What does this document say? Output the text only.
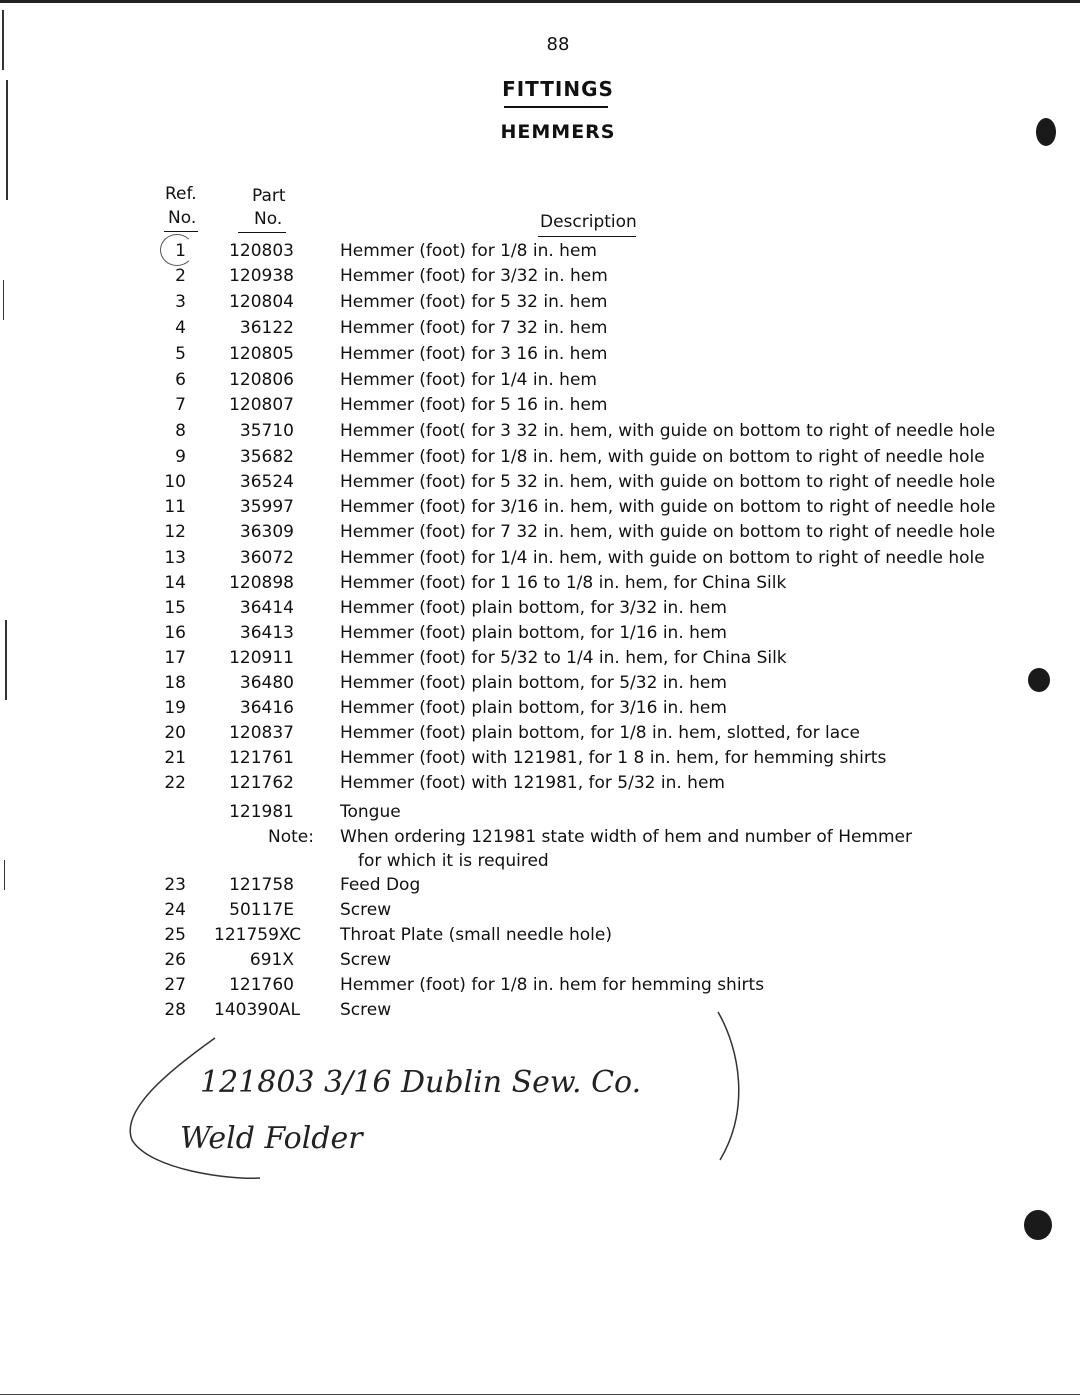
88
FITTINGS
HEMMERS
Ref.
No.
Part
No.	Description
1	120803	Hemmer (foot) for 1/8 in. hem
2	120938	Hemmer (foot) for 3/32 in. hem
3	120804	Hemmer (foot) for 5 32 in. hem
4	36122	Hemmer (foot) for 7 32 in. hem
5	120805	Hemmer (foot) for 3 16 in. hem
6	120806	Hemmer (foot) for 1/4 in. hem
7	120807	Hemmer (foot) for 5 16 in. hem
8	35710	Hemmer (foot( for 3 32 in. hem, with guide on bottom to right of needle hole
9	35682	Hemmer (foot) for 1/8 in. hem, with guide on bottom to right of needle hole
10	36524	Hemmer (foot) for 5 32 in. hem, with guide on bottom to right of needle hole
11	35997	Hemmer (foot) for 3/16 in. hem, with guide on bottom to right of needle hole
12	36309	Hemmer (foot) for 7 32 in. hem, with guide on bottom to right of needle hole
13	36072	Hemmer (foot) for 1/4 in. hem, with guide on bottom to right of needle hole
14	120898	Hemmer (foot) for 1 16 to 1/8 in. hem, for China Silk
15	36414	Hemmer (foot) plain bottom, for 3/32 in. hem
16	36413	Hemmer (foot) plain bottom, for 1/16 in. hem
17	120911	Hemmer (foot) for 5/32 to 1/4 in. hem, for China Silk
18	36480	Hemmer (foot) plain bottom, for 5/32 in. hem
19	36416	Hemmer (foot) plain bottom, for 3/16 in. hem
20	120837	Hemmer (foot) plain bottom, for 1/8 in. hem, slotted, for lace
21	121761	Hemmer (foot) with 121981, for 1 8 in. hem, for hemming shirts
22	121762	Hemmer (foot) with 121981, for 5/32 in. hem
121981	Tongue
Note: When ordering 121981 state width of hem and number of Hemmer
for which it is required
23	121758	Feed Dog
24	50117E	Screw
25 121759XC Throat Plate (small needle hole)
26	691X	Screw
27	121760	Hemmer (foot) for 1/8 in. hem for hemming shirts
28 140390AL Screw
121803 3/16 Dublin Sew. Co.
Weld Folder
